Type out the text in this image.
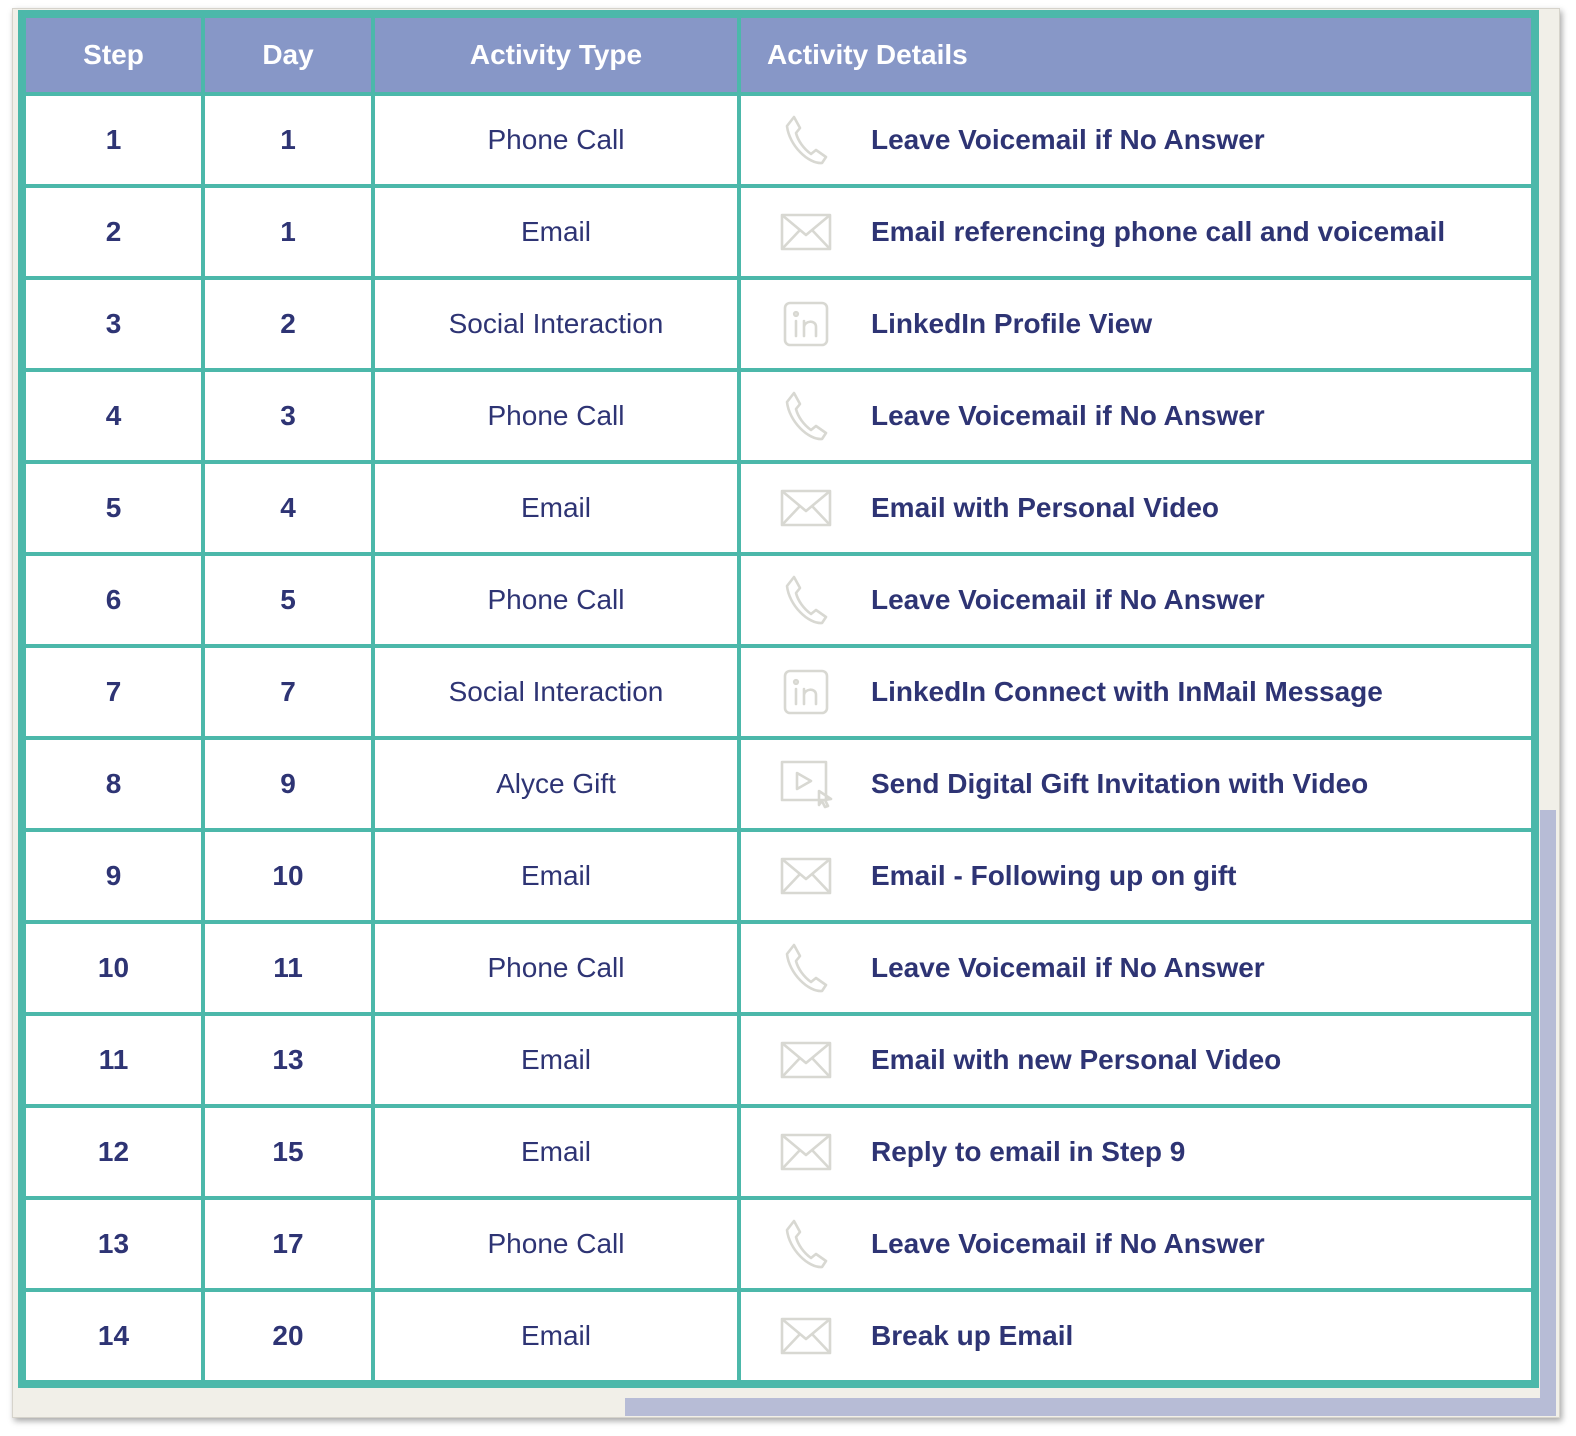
Step	Day	Activity Type	Activity Details
1	1	Phone Call	Leave Voicemail if No Answer

2	1	Email	Email referencing phone call and voicemail

3	2	Social Interaction	LinkedIn Profile View

4	3	Phone Call	Leave Voicemail if No Answer

5	4	Email	Email with Personal Video

6	5	Phone Call	Leave Voicemail if No Answer

7	7	Social Interaction	LinkedIn Connect with InMail Message

8	9	Alyce Gift	Send Digital Gift Invitation with Video

9	10	Email	Email - Following up on gift

10	11	Phone Call	Leave Voicemail if No Answer

11	13	Email	Email with new Personal Video

12	15	Email	Reply to email in Step 9

13	17	Phone Call	Leave Voicemail if No Answer

14	20	Email	Break up Email
